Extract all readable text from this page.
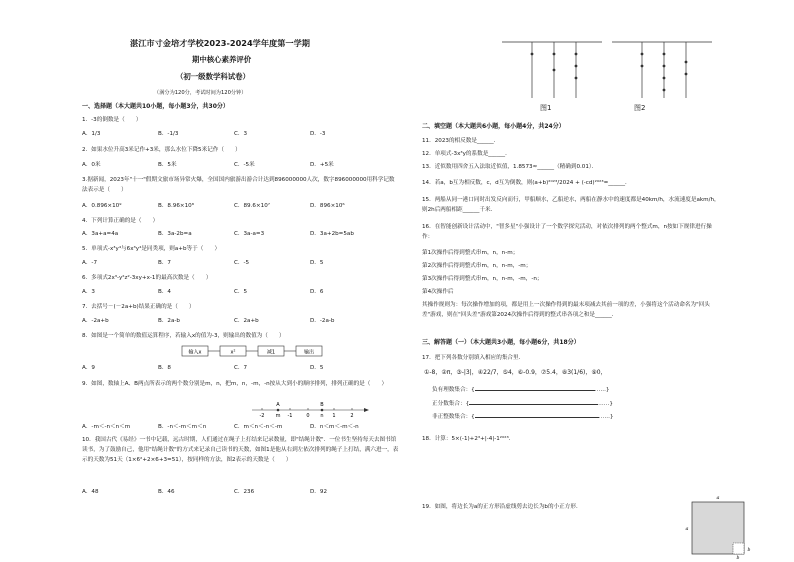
湛江市寸金培才学校2023-2024学年度第一学期
期中核心素养评价
（初一级数学科试卷）
（满分为120分，考试时间为120分钟）
一、选择题（本大题共10小题，每小题3分，共30分）
1．-3的倒数是（　　）
A．1/3	B．-1/3	C．3	D．-3
2．如果水位升高3米记作+3米，那么水位下降5米记作（　　）
A．0米	B．5米	C．-5米	D．+5米
3.据新闻，2023年"十一"假期文旅市场异常火爆，全国国内旅游出游合计达到896000000人次，数字896000000用科学记数法表示是（　　）
A．0.896×10⁹	B．8.96×10⁸	C．89.6×10⁷	D．896×10⁶
4．下列计算正确的是（　　）
A．3a+a=4a	B．3a-2b=a	C．3a-a=3	D．3a+2b=5ab
5．单项式-x³y⁴与6x³y⁴是同类项，则a+b等于（　　）
A．-7	B．7	C．-5	D．5
6．多项式2x³-y²z²-3xy+x-1的最高次数是（　　）
A．3	B．4	C．5	D．6
7．去括号－(－2a+b)结果正确的是（　　）
A．-2a+b	B．2a-b	C．2a+b	D．-2a-b
8．如图是一个简单的数值运算程序，若输入x的值为-3，则输出的数值为（　　）
输入x	x²	减1	输出
A．9	B．8	C．7	D．5
9．如图，数轴上A、B两点所表示的两个数分别是m，n，把m，n，-m，-n按从大到小的顺序排列，排列正确的是（　　）
A	B
-2 m -1	0 n 1	2
A．-m＜-n＜n＜m	B．-n＜-m＜m＜n	C．m＜n＜-n＜-m	D．n＜m＜-m＜-n
10．我国古代《易经》一书中记载，远古时期，人们通过在绳子上打结来记录数量，即"结绳计数"．一位书生坚持每天去图书馆读书，为了鼓励自己，他用"结绳计数"的方式来记录自己读书的天数，如图1是他从右到左依次排列的绳子上打结，满六进一，表示的天数为51天（1×6²+2×6+3=51），按同样的方法，图2表示的天数是（　　）
A．48	B．46	C．236	D．92
图1	图2
二、填空题（本大题共6小题，每小题4分，共24分）
11．2023的相反数是______．
12．单项式-3x³y的系数是______．
13．近似数用四舍五入法取近似值，1.8573≈______（精确到0.01）．
14．若a，b互为相反数，c，d互为倒数，则(a+b)²⁰²³/2024 + (-cd)²⁰²³=______．
15．两船从同一港口同时出发反向而行，甲船顺水，乙船逆水，两船在静水中的速度都是40km/h，水流速度是akm/h，则2h后两船相距______千米．
16．在智能创新设计活动中，"智多星"小强设计了一个数学探究活动，对依次排列的两个整式m，n按如下规律进行操作：
第1次操作后得到整式串m，n，n-m；
第2次操作后得到整式串m，n，n-m，-m；
第3次操作后得到整式串m，n，n-m，-m，-n；
第4次操作后
其操作规则为：每次操作增加的项，都是用上一次操作得到的最末项减去其前一项的差，小强将这个活动命名为"回头差"游戏，则在"回头差"游戏第2024次操作后得到的整式串各项之和是______．
三、解答题（一）（本大题共3小题，每小题6分，共18分）
17．把下列各数分别填入相应的集合里．
①-8，②π，③-|3|，④22/7，⑤4，⑥-0.9，⑦5.4，⑧3(1/6)，⑨0，
负有理数集合：{	……}
正分数集合：{	……}
非正整数集合：{	……}
18．计算：5×(-1)+2³+|-4|-1²⁰²³．
19．如图，将边长为a的正方形沿虚线剪去边长为b的小正方形．
a
a
b
b
